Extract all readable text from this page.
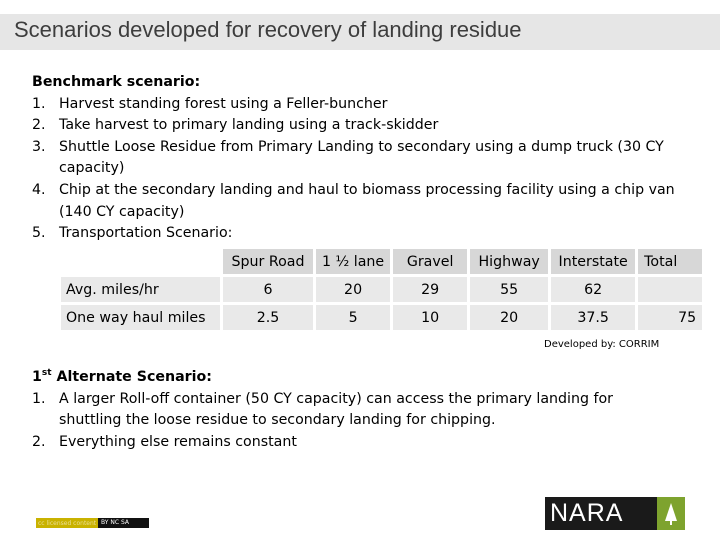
Scenarios developed for recovery of landing residue
Benchmark scenario:
1. Harvest standing forest using a Feller-buncher
2. Take harvest to primary landing using a track-skidder
3. Shuttle Loose Residue from Primary Landing to secondary using a dump truck (30 CY capacity)
4. Chip at the secondary landing and haul to biomass processing facility using a chip van (140 CY capacity)
5. Transportation Scenario:
	Spur Road	1 ½ lane	Gravel	Highway	Interstate	Total
Avg. miles/hr	6	20	29	55	62	
One way haul miles	2.5	5	10	20	37.5	75
Developed by: CORRIM
1st Alternate Scenario:
1. A larger Roll-off container (50 CY capacity) can access the primary landing for shuttling the loose residue to secondary landing for chipping.
2. Everything else remains constant
cc licensed content BY NC SA	NARA
